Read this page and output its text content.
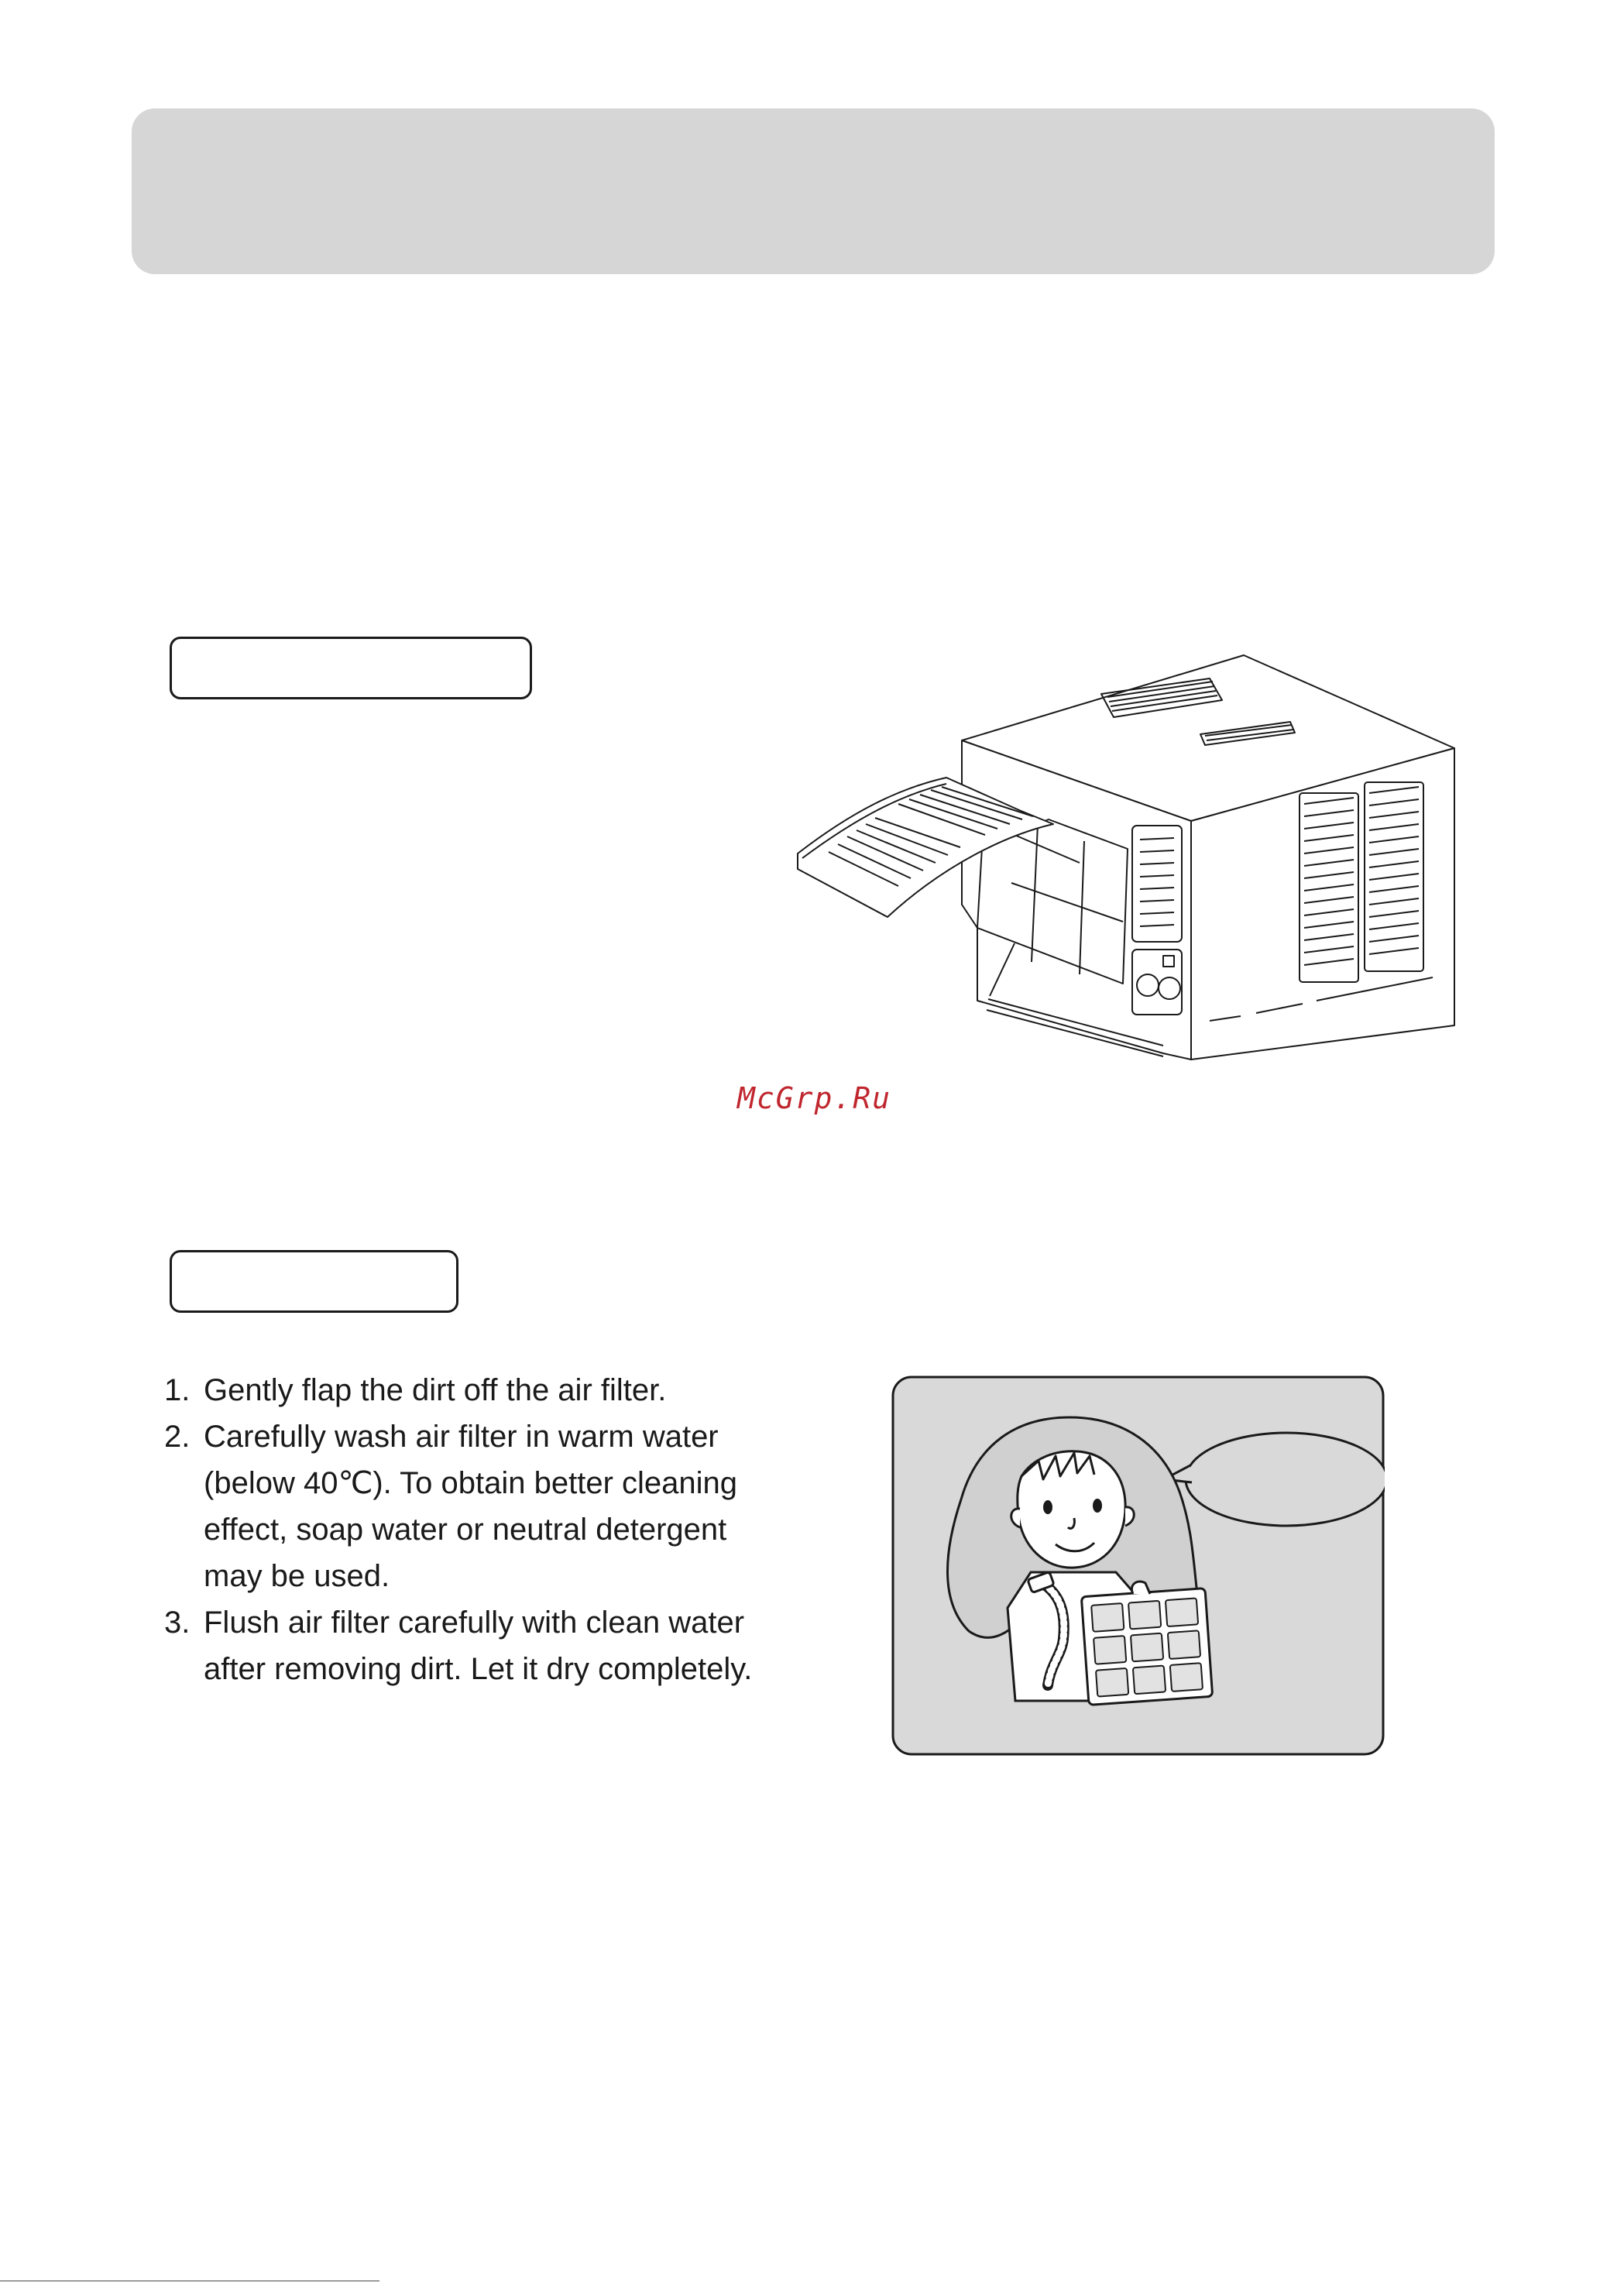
McGrp.Ru
1. Gently flap the dirt off the air filter.
2. Carefully wash air filter in warm water
(below 40℃). To obtain better cleaning
effect, soap water or neutral detergent
may be used.
3. Flush air filter carefully with clean water
after removing dirt. Let it dry completely.
